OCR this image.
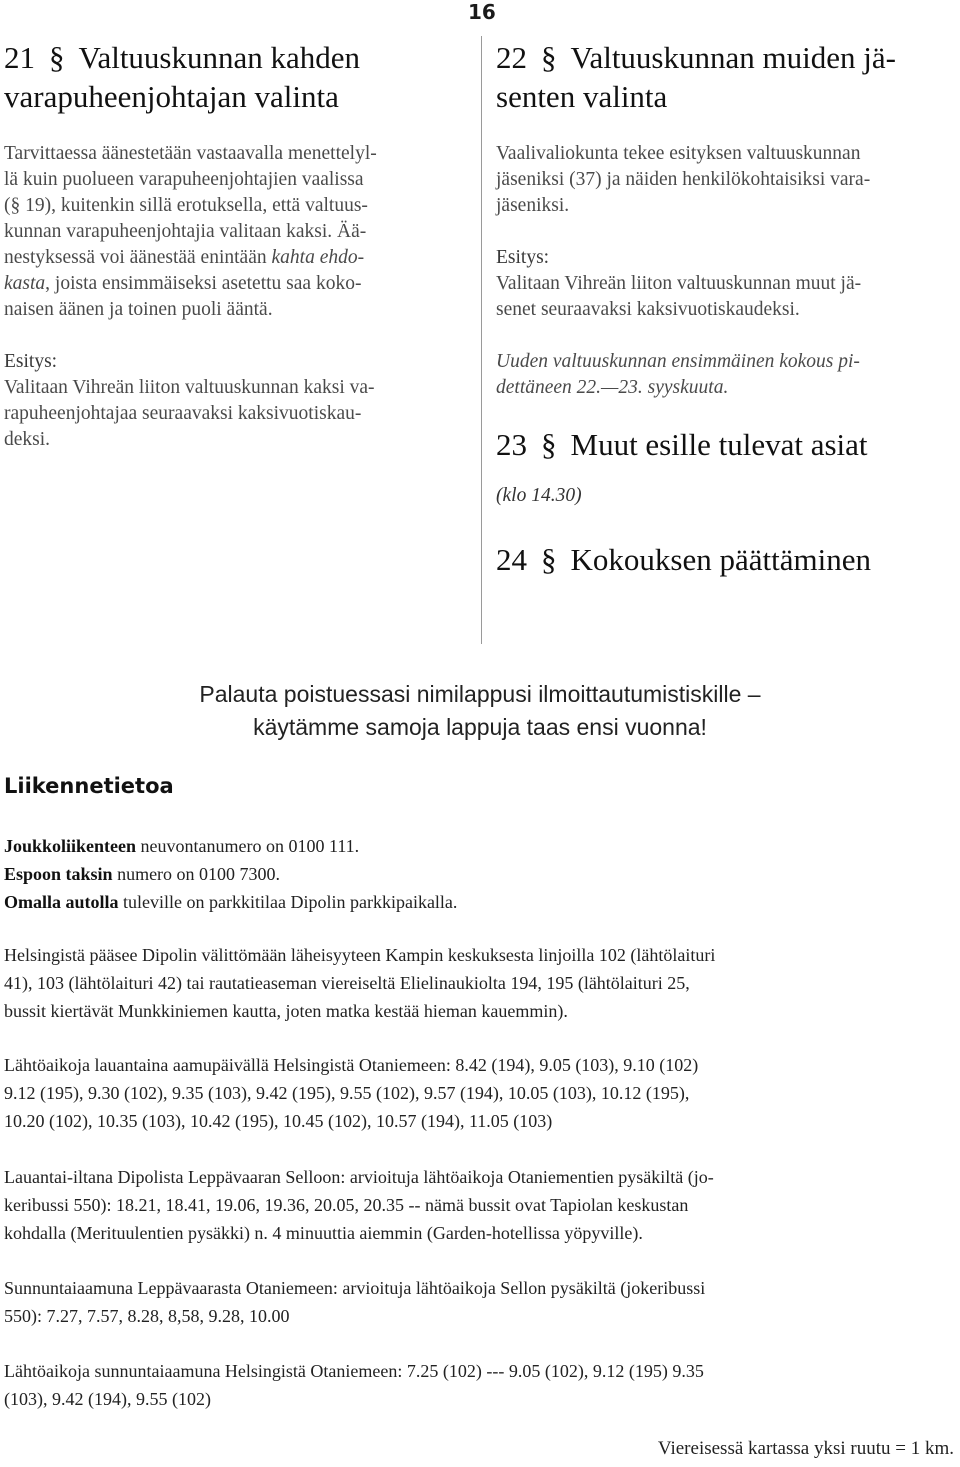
16
21 § Valtuuskunnan kahden
varapuheenjohtajan valinta

Tarvittaessa äänestetään vastaavalla menettelyl-

lä kuin puolueen varapuheenjohtajien vaalissa

(§ 19), kuitenkin sillä erotuksella, että valtuus-

kunnan varapuheenjohtajia valitaan kaksi. Ää-

nestyksessä voi äänestää enintään kahta ehdo-

kasta, joista ensimmäiseksi asetettu saa koko-

naisen äänen ja toinen puoli ääntä.

Esitys:

Valitaan Vihreän liiton valtuuskunnan kaksi va-

rapuheenjohtajaa seuraavaksi kaksivuotiskau-

deksi.

22 § Valtuuskunnan muiden jä-
senten valinta

Vaalivaliokunta tekee esityksen valtuuskunnan

jäseniksi (37) ja näiden henkilökohtaisiksi vara-

jäseniksi.

Esitys:

Valitaan Vihreän liiton valtuuskunnan muut jä-

senet seuraavaksi kaksivuotiskaudeksi.

Uuden valtuuskunnan ensimmäinen kokous pi-

dettäneen 22.—23. syyskuuta.

23 § Muut esille tulevat asiat

(klo 14.30)

24 § Kokouksen päättäminen
Palauta poistuessasi nimilappusi ilmoittautumistiskille –
käytämme samoja lappuja taas ensi vuonna!
Liikennetietoa
Joukkoliikenteen neuvontanumero on 0100 111.
Espoon taksin numero on 0100 7300.
Omalla autolla tuleville on parkkitilaa Dipolin parkkipaikalla.
Helsingistä pääsee Dipolin välittömään läheisyyteen Kampin keskuksesta linjoilla 102 (lähtölaituri
41), 103 (lähtölaituri 42) tai rautatieaseman viereiseltä Elielinaukiolta 194, 195 (lähtölaituri 25,
bussit kiertävät Munkkiniemen kautta, joten matka kestää hieman kauemmin).
Lähtöaikoja lauantaina aamupäivällä Helsingistä Otaniemeen: 8.42 (194), 9.05 (103), 9.10 (102)
9.12 (195), 9.30 (102), 9.35 (103), 9.42 (195), 9.55 (102), 9.57 (194), 10.05 (103), 10.12 (195),
10.20 (102), 10.35 (103), 10.42 (195), 10.45 (102), 10.57 (194), 11.05 (103)
Lauantai-iltana Dipolista Leppävaaran Selloon: arvioituja lähtöaikoja Otaniementien pysäkiltä (jo-
keribussi 550): 18.21, 18.41, 19.06, 19.36, 20.05, 20.35 -- nämä bussit ovat Tapiolan keskustan
kohdalla (Merituulentien pysäkki) n. 4 minuuttia aiemmin (Garden-hotellissa yöpyville).
Sunnuntaiaamuna Leppävaarasta Otaniemeen: arvioituja lähtöaikoja Sellon pysäkiltä (jokeribussi
550): 7.27, 7.57, 8.28, 8,58, 9.28, 10.00
Lähtöaikoja sunnuntaiaamuna Helsingistä Otaniemeen: 7.25 (102) --- 9.05 (102), 9.12 (195) 9.35
(103), 9.42 (194), 9.55 (102)
Viereisessä kartassa yksi ruutu = 1 km.
